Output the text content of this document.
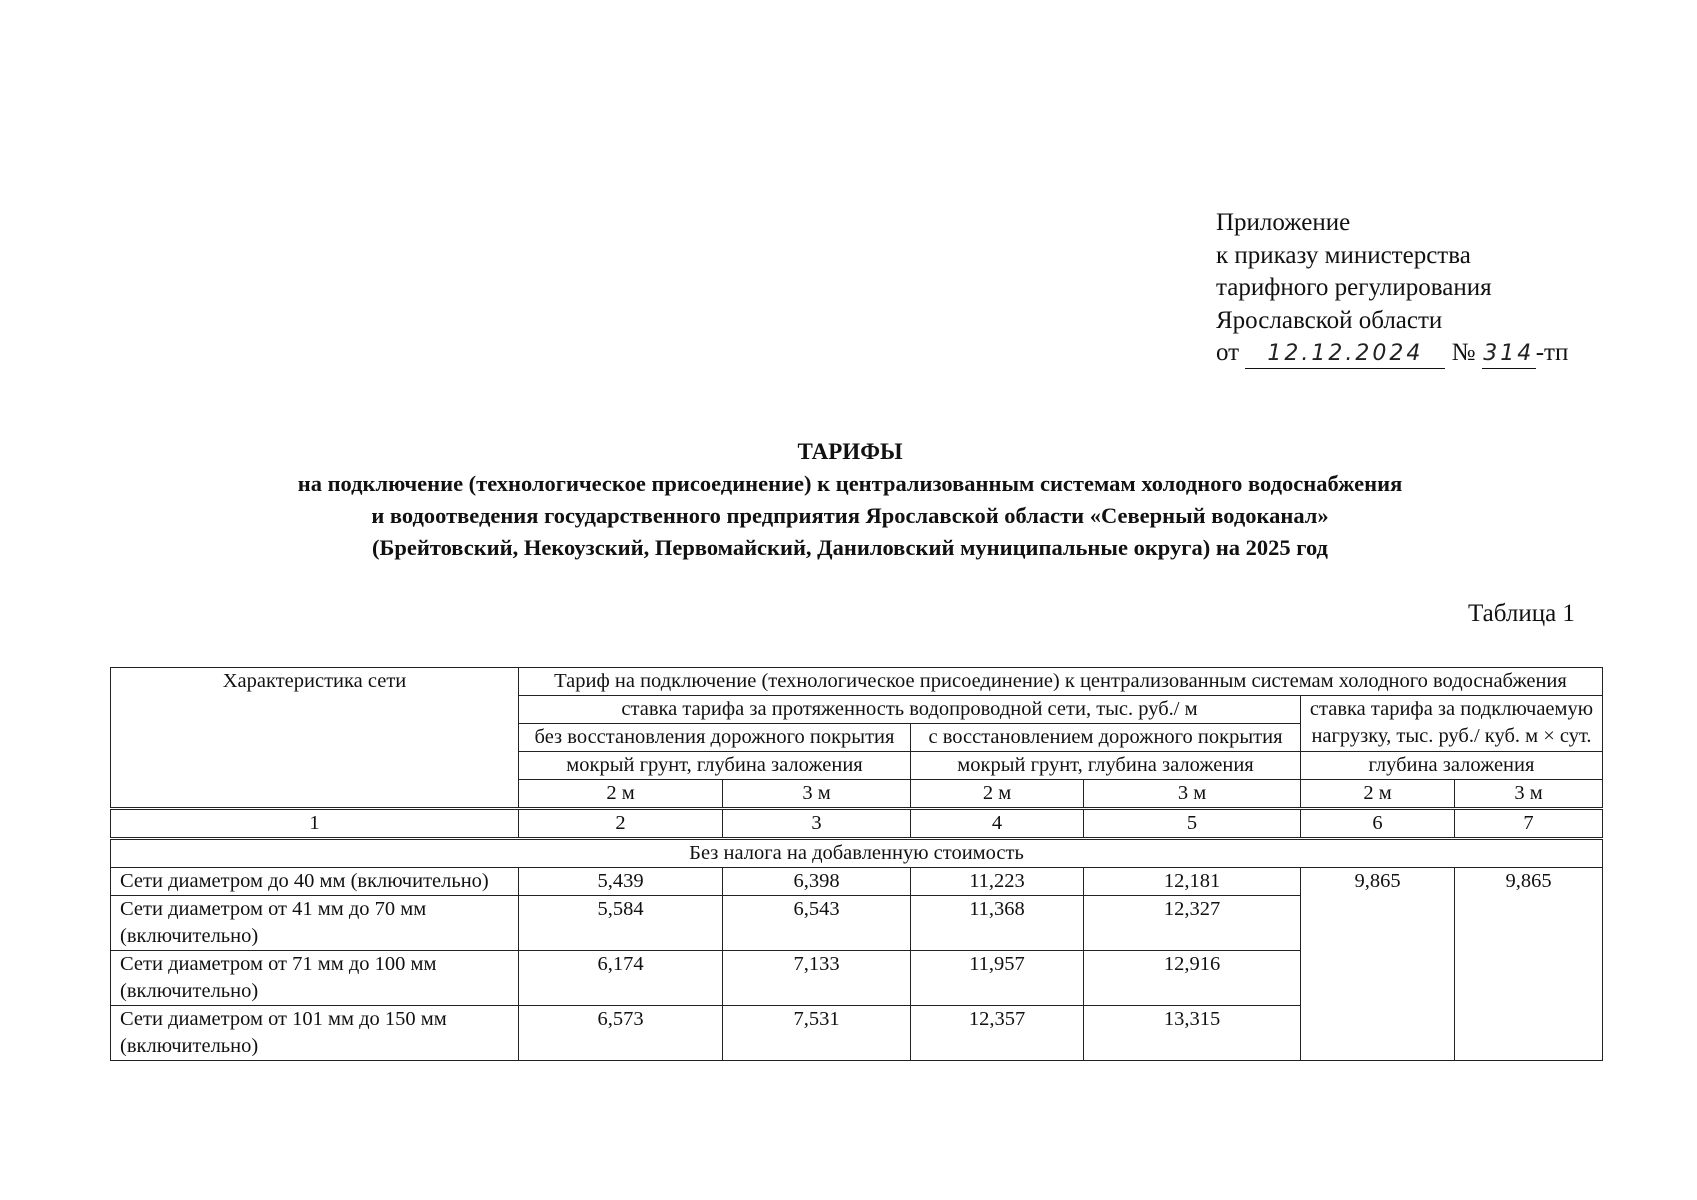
Приложение
к приказу министерства
тарифного регулирования
Ярославской области
от 12.12.2024 № 314-тп
ТАРИФЫ
на подключение (технологическое присоединение) к централизованным системам холодного водоснабжения
и водоотведения государственного предприятия Ярославской области «Северный водоканал»
(Брейтовский, Некоузский, Первомайский, Даниловский муниципальные округа) на 2025 год
Таблица 1
Характеристика сети	Тариф на подключение (технологическое присоединение) к централизованным системам холодного водоснабжения					
	ставка тарифа за протяженность водопроводной сети, тыс. руб./ м				ставка тарифа за подключаемую нагрузку, тыс. руб./ куб. м × сут.	
	без восстановления дорожного покрытия		с восстановлением дорожного покрытия			
	мокрый грунт, глубина заложения		мокрый грунт, глубина заложения		глубина заложения	
	2 м	3 м	2 м	3 м	2 м	3 м
1	2	3	4	5	6	7
Без налога на добавленную стоимость						
Сети диаметром до 40 мм (включительно)	5,439	6,398	11,223	12,181	9,865	9,865
Сети диаметром от 41 мм до 70 мм (включительно)	5,584	6,543	11,368	12,327		
Сети диаметром от 71 мм до 100 мм (включительно)	6,174	7,133	11,957	12,916		
Сети диаметром от 101 мм до 150 мм (включительно)	6,573	7,531	12,357	13,315		
